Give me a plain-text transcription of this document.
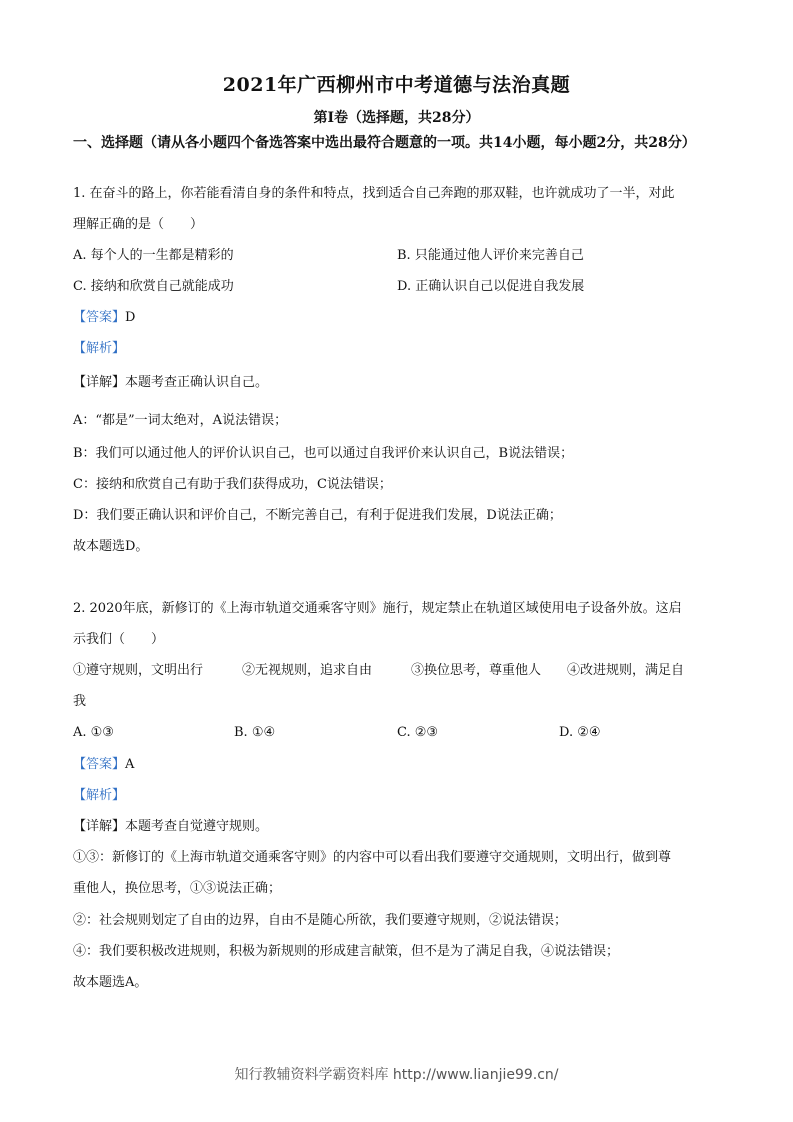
2021年广西柳州市中考道德与法治真题
第Ⅰ卷（选择题，共28分）
一、选择题（请从各小题四个备选答案中选出最符合题意的一项。共14小题，每小题2分，共28分）
1. 在奋斗的路上，你若能看清自身的条件和特点，找到适合自己奔跑的那双鞋，也许就成功了一半，对此
理解正确的是（　　）
A. 每个人的一生都是精彩的	B. 只能通过他人评价来完善自己
C. 接纳和欣赏自己就能成功	D. 正确认识自己以促进自我发展
【答案】D
【解析】
【详解】本题考查正确认识自己。
A：“都是”一词太绝对，A说法错误；
B：我们可以通过他人的评价认识自己，也可以通过自我评价来认识自己，B说法错误；
C：接纳和欣赏自己有助于我们获得成功，C说法错误；
D：我们要正确认识和评价自己，不断完善自己，有利于促进我们发展，D说法正确；
故本题选D。
2. 2020年底，新修订的《上海市轨道交通乘客守则》施行，规定禁止在轨道区域使用电子设备外放。这启
示我们（　　）
①遵守规则，文明出行　　　②无视规则，追求自由　　　③换位思考，尊重他人　　④改进规则，满足自
我
A. ①③	B. ①④	C. ②③	D. ②④
【答案】A
【解析】
【详解】本题考查自觉遵守规则。
①③：新修订的《上海市轨道交通乘客守则》的内容中可以看出我们要遵守交通规则，文明出行，做到尊
重他人，换位思考，①③说法正确；
②：社会规则划定了自由的边界，自由不是随心所欲，我们要遵守规则，②说法错误；
④：我们要积极改进规则，积极为新规则的形成建言献策，但不是为了满足自我，④说法错误；
故本题选A。
知行教辅资料学霸资料库 http://www.lianjie99.cn/
